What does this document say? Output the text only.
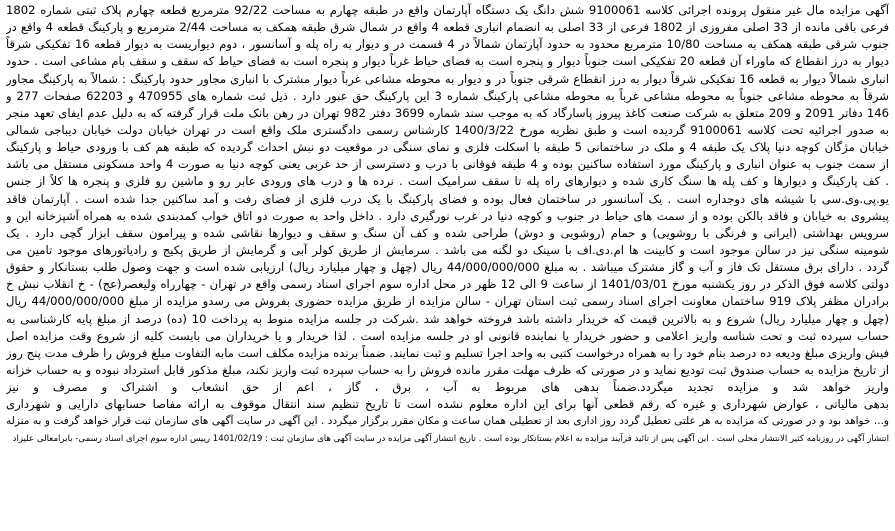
آگهی مزایده مال غیر منقول پرونده اجرائی کلاسه 9100061 شش دانگ یک دستگاه آپارتمان واقع در طبقه چهارم به مساحت 92/22 مترمربع قطعه چهارم پلاک ثبتی شماره 1802
فرعی باقی مانده از 33 اصلی مفروزی از 1802 فرعی از 33 اصلی به انضمام انباری قطعه 4 واقع در شمال شرق طبقه همکف به مساحت 2/44 مترمربع و پارکینگ قطعه 4 واقع در
جنوب شرقی طبقه همکف به مساحت 10/80 مترمربع محدود به حدود آپارتمان شمالاً در 4 قسمت در و دیوار به راه پله و آسانسور ، دوم دیواریست به دیوار قطعه 16 تفکیکی شرقاً
دیوار به درز انقطاع که ماوراء آن قطعه 20 تفکیکی است جنوباً دیوار و پنجره است به فضای حیاط غرباً دیوار و پنجره است به فضای حیاط که سقف و سقف بام مشاعی است . حدود
انباری شمالاً دیوار به قطعه 16 تفکیکی شرقاً دیوار به درز انقطاع شرقی جنوباً در و دیوار به محوطه مشاعی غرباً دیوار مشترک با انباری مجاور حدود پارکینگ : شمالاً به پارکینگ مجاور
شرقاً به محوطه مشاعی جنوباً به محوطه مشاعی غرباً به محوطه مشاعی پارکینگ شماره 3 این پارکینگ حق عبور دارد . ذیل ثبت شماره های 470955 و 62203 صفحات 277 و
146 دفاتر 2091 و 209 متعلق به شرکت صنعت کاغذ پیروز پاسارگاد که به موجب سند شماره 3699 دفتر 982 تهران در رهن بانک ملت قرار گرفته که به دلیل عدم ایفای تعهد منجر
به صدور اجرائیه تحت کلاسه 9100061 گردیده است و طبق نظریه مورخ 1400/3/22 کارشناس رسمی دادگستری ملک واقع است در تهران خیابان دولت خیابان دیباجی شمالی
خیابان مژگان کوچه دنیا پلاک یک طبقه 4 و ملک در ساختمانی 5 طبقه با اسکلت فلزی و نمای سنگی در موقعیت دو نبش احداث گردیده که طبقه هم کف با ورودی حیاط و پارکینگ
از سمت جنوب به عنوان انباری و پارکینگ مورد استفاده ساکنین بوده و 4 طبقه فوقانی با درب و دسترسی از حد غربی یعنی کوچه دنیا به صورت 4 واحد مسکونی مستقل می باشد
. کف پارکینگ و دیوارها و کف پله ها سنگ کاری شده و دیوارهای راه پله تا سقف سرامیک است . نرده ها و درب های ورودی عابر رو و ماشین رو فلزی و پنجره ها کلاً از جنس
یو.پی.وی.سی با شیشه های دوجداره است . یک آسانسور در ساختمان فعال بوده و فضای پارکینگ با یک درب فلزی از فضای رفت و آمد ساکنین جدا شده است . آپارتمان فاقد
پیشروی به خیابان و فاقد بالکن بوده و از سمت های حیاط در جنوب و کوچه دنیا در غرب نورگیری دارد . داخل واحد به صورت دو اتاق خواب کمدبندی شده به همراه آشپزخانه این و
سرویس بهداشتی (ایرانی و فرنگی با روشویی) و حمام (روشویی و دوش) طراحی شده و کف آن سنگ و سقف و دیوارها نقاشی شده و پیرامون سقف ابزار گچی دارد . یک
شومینه سنگی نیز در سالن موجود است و کابینت ها ام.دی.اف با سینک دو لگنه می باشد . سرمایش از طریق کولر آبی و گرمایش از طریق پکیج و رادیاتورهای موجود تامین می
گردد . دارای برق مستقل تک فاز و آب و گاز مشترک میباشد . به مبلغ 44/000/000/000 ریال (چهل و چهار میلیارد ریال) ارزیابی شده است و جهت وصول طلب بستانکار و حقوق
دولتی کلاسه فوق الذکر در روز یکشنبه مورخ 1401/03/01 از ساعت 9 الی 12 ظهر در محل اداره سوم اجرای اسناد رسمی واقع در تهران - چهارراه ولیعصر(عج) - خ انقلاب نبش خ
برادران مظفر پلاک 919 ساختمان معاونت اجرای اسناد رسمی ثبت استان تهران - سالن مزایده از طریق مزایده حضوری بفروش می رسدو مزایده از مبلغ 44/000/000/000 ریال
(چهل و چهار میلیارد ریال) شروع و به بالاترین قیمت که خریدار داشته باشد فروخته خواهد شد .شرکت در جلسه مزایده منوط به پرداخت 10 (ده) درصد از مبلغ پایه کارشناسی به
حساب سپرده ثبت و تحت شناسه واریز اعلامی و حضور خریدار یا نماینده قانونی او در جلسه مزایده است . لذا خریدار و یا خریداران می بایست کلیه از شروع وقت مزایده اصل
فیش واریزی مبلغ ودیعه ده درصد بنام خود را به همراه درخواست کتبی به واحد اجرا تسلیم و ثبت نمایند. ضمناً برنده مزایده مکلف است مابه التفاوت مبلغ فروش را ظرف مدت پنج روز
از تاریخ مزایده به حساب صندوق ثبت تودیع نماید و در صورتی که ظرف مهلت مقرر مانده فروش را به حساب سپرده ثبت واریز نکند، مبلغ مذکور قابل استرداد نبوده و به حساب خزانه
واریز خواهد شد و مزایده تجدید میگردد.ضمناً بدهی های مربوط به آب ، برق ، گاز ، اعم از حق انشعاب و اشتراک و مصرف و نیز
بدهی مالیاتی ، عوارض شهرداری و غیره که رقم قطعی آنها برای این اداره معلوم نشده است تا تاریخ تنظیم سند انتقال موقوف به ارائه مفاصا حسابهای دارایی و شهرداری
و... خواهد بود و در صورتی که مزایده به هر علتی تعطیل گردد روز اداری بعد از تعطیلی همان ساعت و مکان مقرر برگزار میگردد . این آگهی در سایت آگهی های سازمان ثبت قرار خواهد گرفت و به منزله
انتشار آگهی در روزنامه کثیر الانتشار محلی است . این آگهی پس از تائید فرآیند مزایده به اعلام بستانکار بوده است . تاریخ انتشار آگهی مزایده در سایت آگهی های سازمان ثبت : 1401/02/19 رییس اداره سوم اجرای اسناد رسمی- بابرامعالی علیزاد
